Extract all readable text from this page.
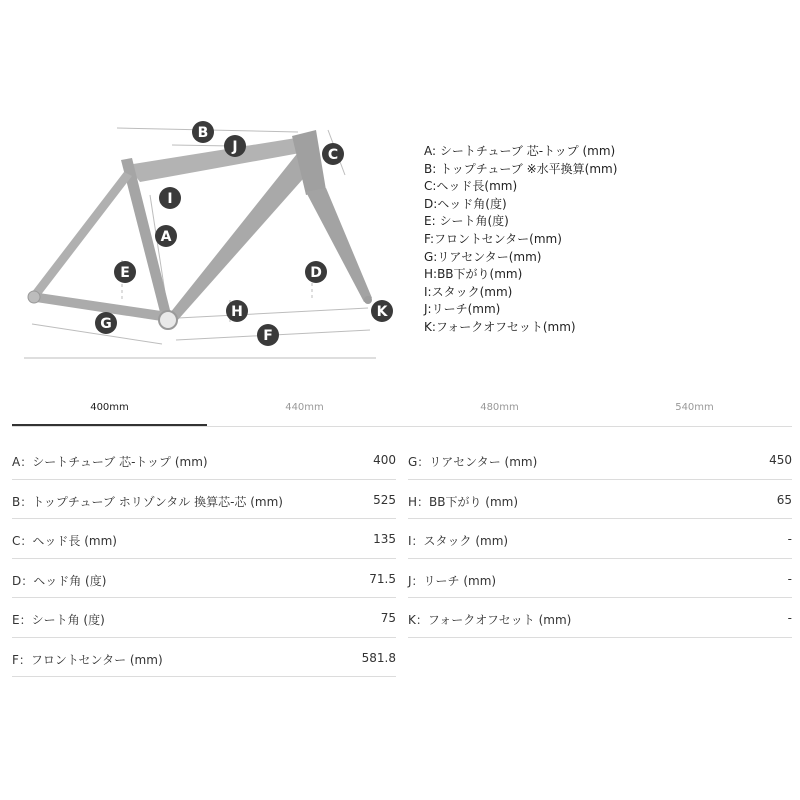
A
B
C
D
E
F
G
H
I
J
K
A: シートチューブ 芯-トップ (mm)
B: トップチューブ ※水平換算(mm)
C:ヘッド長(mm)
D:ヘッド角(度)
E: シート角(度)
F:フロントセンター(mm)
G:リアセンター(mm)
H:BB下がり(mm)
I:スタック(mm)
J:リーチ(mm)
K:フォークオフセット(mm)
400mm	440mm	480mm	540mm
A：シートチューブ 芯-トップ (mm)	400
B：トップチューブ ホリゾンタル 換算芯-芯 (mm)	525
C：ヘッド長 (mm)	135
D：ヘッド角 (度)	71.5
E：シート角 (度)	75
F：フロントセンター (mm)	581.8
G：リアセンター (mm)	450
H：BB下がり (mm)	65
I：スタック (mm)	-
J：リーチ (mm)	-
K：フォークオフセット (mm)	-
